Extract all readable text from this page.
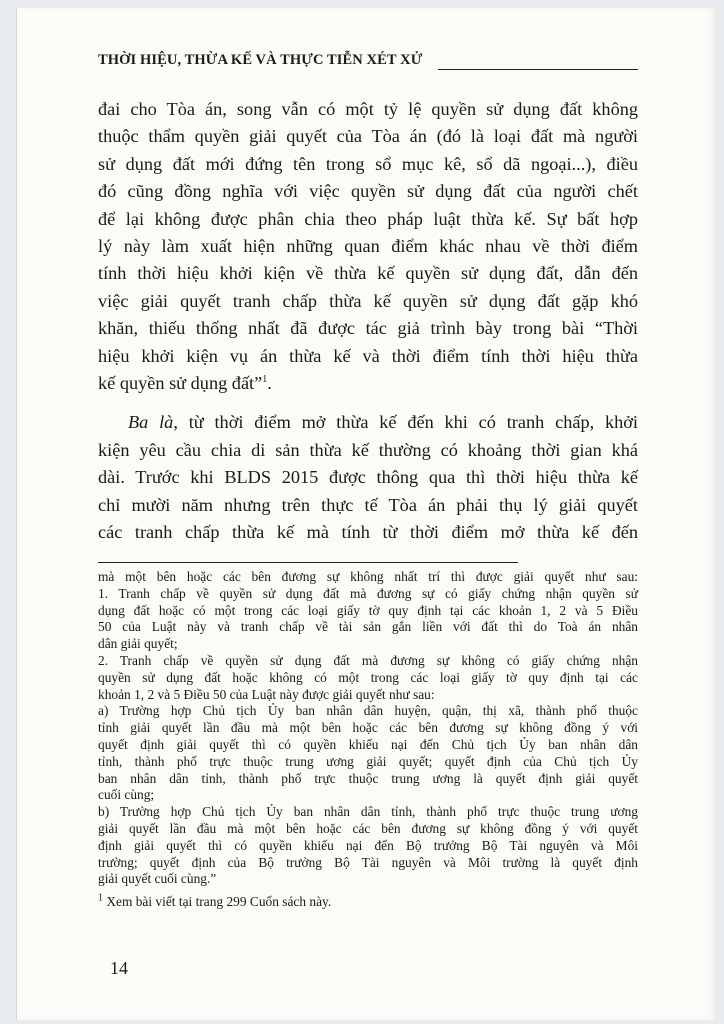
THỜI HIỆU, THỪA KẾ VÀ THỰC TIỄN XÉT XỬ

đai cho Tòa án, song vẫn có một tỷ lệ quyền sử dụng đất không
thuộc thẩm quyền giải quyết của Tòa án (đó là loại đất mà người
sử dụng đất mới đứng tên trong sổ mục kê, sổ dã ngoại...), điều
đó cũng đồng nghĩa với việc quyền sử dụng đất của người chết
để lại không được phân chia theo pháp luật thừa kế. Sự bất hợp
lý này làm xuất hiện những quan điểm khác nhau về thời điểm
tính thời hiệu khởi kiện về thừa kế quyền sử dụng đất, dẫn đến
việc giải quyết tranh chấp thừa kế quyền sử dụng đất gặp khó
khăn, thiếu thống nhất đã được tác giả trình bày trong bài “Thời
hiệu khởi kiện vụ án thừa kế và thời điểm tính thời hiệu thừa
kế quyền sử dụng đất”$^1$.

Ba là, từ thời điểm mở thừa kế đến khi có tranh chấp, khởi
kiện yêu cầu chia di sản thừa kế thường có khoảng thời gian khá
dài. Trước khi BLDS 2015 được thông qua thì thời hiệu thừa kế
chỉ mười năm nhưng trên thực tế Tòa án phải thụ lý giải quyết
các tranh chấp thừa kế mà tính từ thời điểm mở thừa kế đến

mà một bên hoặc các bên đương sự không nhất trí thì được giải quyết như sau:
1. Tranh chấp về quyền sử dụng đất mà đương sự có giấy chứng nhận quyền sử
dụng đất hoặc có một trong các loại giấy tờ quy định tại các khoản 1, 2 và 5 Điều
50 của Luật này và tranh chấp về tài sản gắn liền với đất thì do Toà án nhân
dân giải quyết;
2. Tranh chấp về quyền sử dụng đất mà đương sự không có giấy chứng nhận
quyền sử dụng đất hoặc không có một trong các loại giấy tờ quy định tại các
khoản 1, 2 và 5 Điều 50 của Luật này được giải quyết như sau:
a) Trường hợp Chủ tịch Ủy ban nhân dân huyện, quận, thị xã, thành phố thuộc
tỉnh giải quyết lần đầu mà một bên hoặc các bên đương sự không đồng ý với
quyết định giải quyết thì có quyền khiếu nại đến Chủ tịch Ủy ban nhân dân
tỉnh, thành phố trực thuộc trung ương giải quyết; quyết định của Chủ tịch Ủy
ban nhân dân tỉnh, thành phố trực thuộc trung ương là quyết định giải quyết
cuối cùng;
b) Trường hợp Chủ tịch Ủy ban nhân dân tỉnh, thành phố trực thuộc trung ương
giải quyết lần đầu mà một bên hoặc các bên đương sự không đồng ý với quyết
định giải quyết thì có quyền khiếu nại đến Bộ trưởng Bộ Tài nguyên và Môi
trường; quyết định của Bộ trưởng Bộ Tài nguyên và Môi trường là quyết định
giải quyết cuối cùng.”
$^1$ Xem bài viết tại trang 299 Cuốn sách này.
14
